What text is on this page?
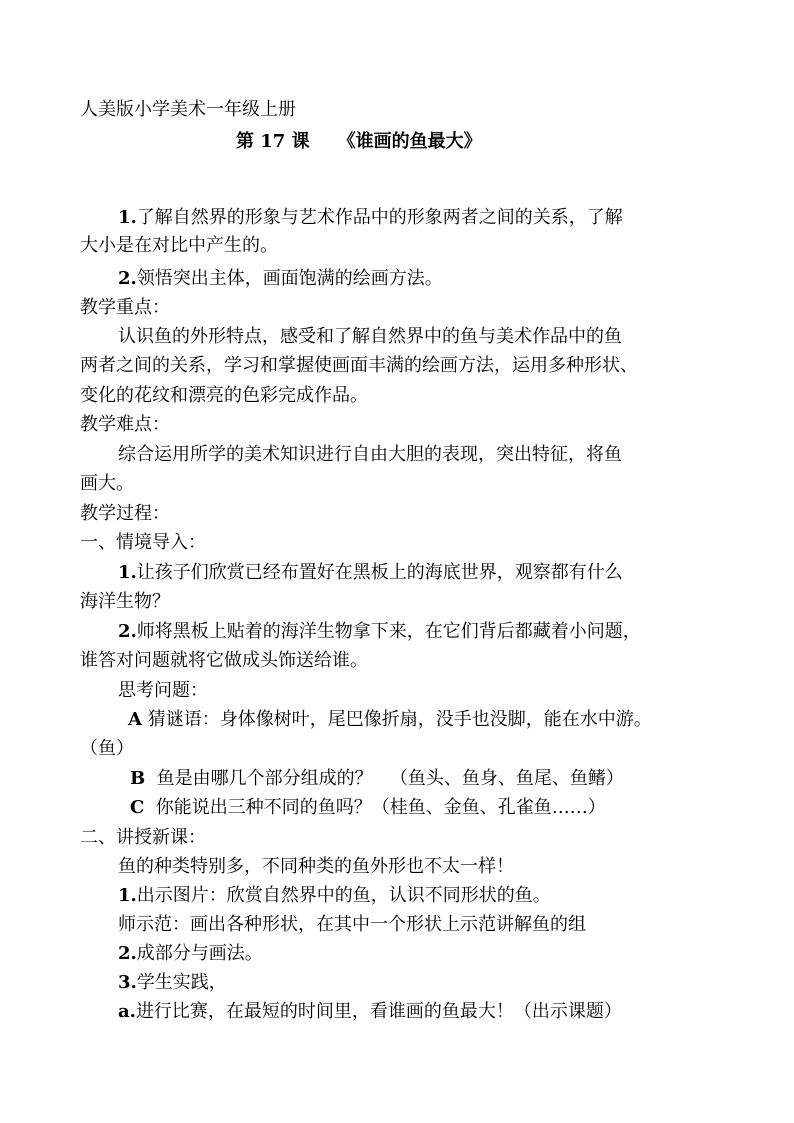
人美版小学美术一年级上册
第 17 课 《谁画的鱼最大》
1.了解自然界的形象与艺术作品中的形象两者之间的关系，了解
大小是在对比中产生的。
2.领悟突出主体，画面饱满的绘画方法。
教学重点：
认识鱼的外形特点，感受和了解自然界中的鱼与美术作品中的鱼
两者之间的关系，学习和掌握使画面丰满的绘画方法，运用多种形状、
变化的花纹和漂亮的色彩完成作品。
教学难点：
综合运用所学的美术知识进行自由大胆的表现，突出特征，将鱼
画大。
教学过程：
一、情境导入：
1.让孩子们欣赏已经布置好在黑板上的海底世界，观察都有什么
海洋生物？
2.师将黑板上贴着的海洋生物拿下来，在它们背后都藏着小问题，
谁答对问题就将它做成头饰送给谁。
思考问题：
A 猜谜语：身体像树叶，尾巴像折扇，没手也没脚，能在水中游。
（鱼）
B  鱼是由哪几个部分组成的？   （鱼头、鱼身、鱼尾、鱼鳍）
C  你能说出三种不同的鱼吗？（桂鱼、金鱼、孔雀鱼……）
二、讲授新课：
鱼的种类特别多，不同种类的鱼外形也不太一样！
1.出示图片：欣赏自然界中的鱼，认识不同形状的鱼。
师示范：画出各种形状，在其中一个形状上示范讲解鱼的组
2.成部分与画法。
3.学生实践，
a.进行比赛，在最短的时间里，看谁画的鱼最大！（出示课题）
